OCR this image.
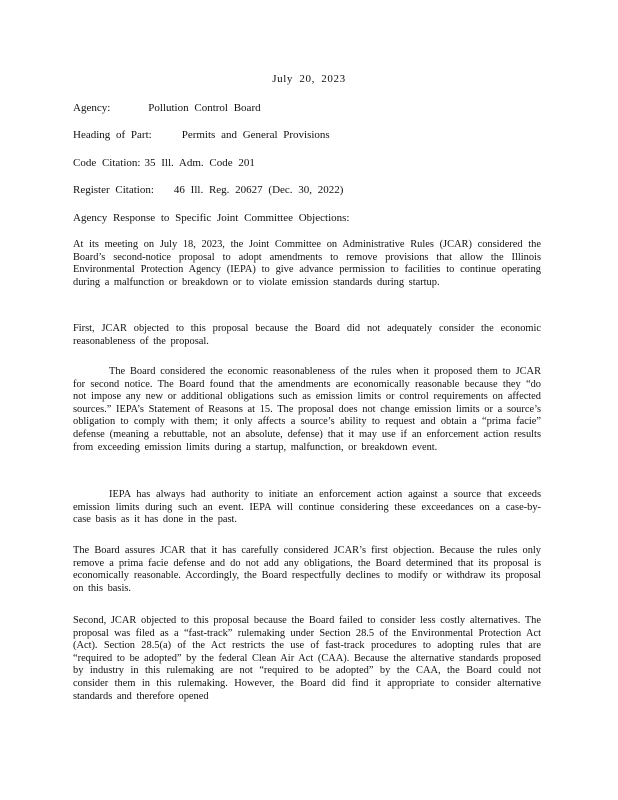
July 20, 2023
Agency:	Pollution Control Board
Heading of Part:	Permits and General Provisions
Code Citation: 35 Ill. Adm. Code 201
Register Citation: 46 Ill. Reg. 20627 (Dec. 30, 2022)
Agency Response to Specific Joint Committee Objections:

At its meeting on July 18, 2023, the Joint Committee on Administrative Rules (JCAR) considered the Board’s second-notice proposal to adopt amendments to remove provisions that allow the Illinois Environmental Protection Agency (IEPA) to give advance permission to facilities to continue operating during a malfunction or breakdown or to violate emission standards during startup.

First, JCAR objected to this proposal because the Board did not adequately consider the economic reasonableness of the proposal.

The Board considered the economic reasonableness of the rules when it proposed them to JCAR for second notice. The Board found that the amendments are economically reasonable because they “do not impose any new or additional obligations such as emission limits or control requirements on affected sources.” IEPA’s Statement of Reasons at 15. The proposal does not change emission limits or a source’s obligation to comply with them; it only affects a source’s ability to request and obtain a “prima facie” defense (meaning a rebuttable, not an absolute, defense) that it may use if an enforcement action results from exceeding emission limits during a startup, malfunction, or breakdown event.

IEPA has always had authority to initiate an enforcement action against a source that exceeds emission limits during such an event. IEPA will continue considering these exceedances on a case-by-case basis as it has done in the past.

The Board assures JCAR that it has carefully considered JCAR’s first objection. Because the rules only remove a prima facie defense and do not add any obligations, the Board determined that its proposal is economically reasonable. Accordingly, the Board respectfully declines to modify or withdraw its proposal on this basis.

Second, JCAR objected to this proposal because the Board failed to consider less costly alternatives. The proposal was filed as a “fast-track” rulemaking under Section 28.5 of the Environmental Protection Act (Act). Section 28.5(a) of the Act restricts the use of fast-track procedures to adopting rules that are “required to be adopted” by the federal Clean Air Act (CAA). Because the alternative standards proposed by industry in this rulemaking are not “required to be adopted” by the CAA, the Board could not consider them in this rulemaking. However, the Board did find it appropriate to consider alternative standards and therefore opened
